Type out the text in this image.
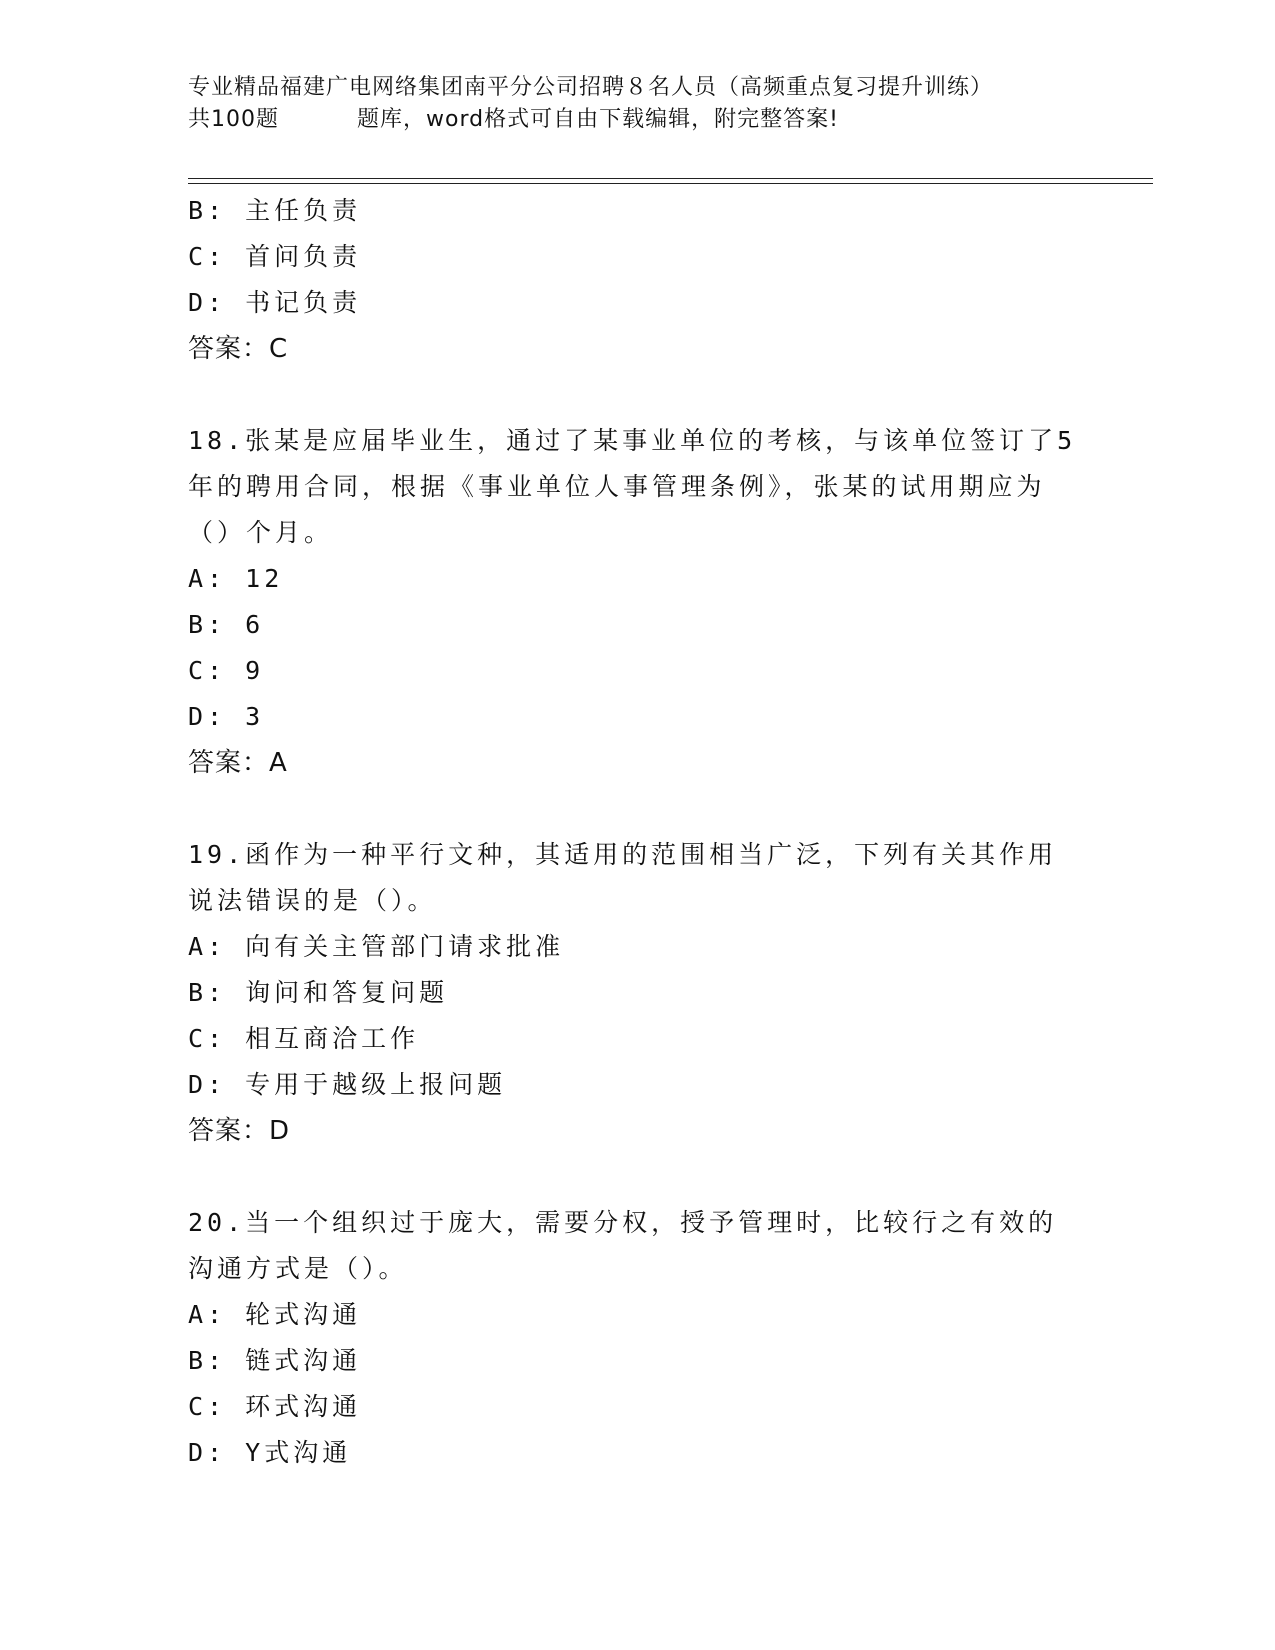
专业精品福建广电网络集团南平分公司招聘８名人员（高频重点复习提升训练）
共100题	题库，word格式可自由下载编辑，附完整答案!
B: 主任负责
C: 首问负责
D: 书记负责
答案：C
18.张某是应届毕业生，通过了某事业单位的考核，与该单位签订了5年的聘用合同，根据《事业单位人事管理条例》，张某的试用期应为（）个月。
A: 12
B: 6
C: 9
D: 3
答案：A
19.函作为一种平行文种，其适用的范围相当广泛，下列有关其作用说法错误的是（）。
A: 向有关主管部门请求批准
B: 询问和答复问题
C: 相互商洽工作
D: 专用于越级上报问题
答案：D
20.当一个组织过于庞大，需要分权，授予管理时，比较行之有效的沟通方式是（）。
A: 轮式沟通
B: 链式沟通
C: 环式沟通
D: Y式沟通
